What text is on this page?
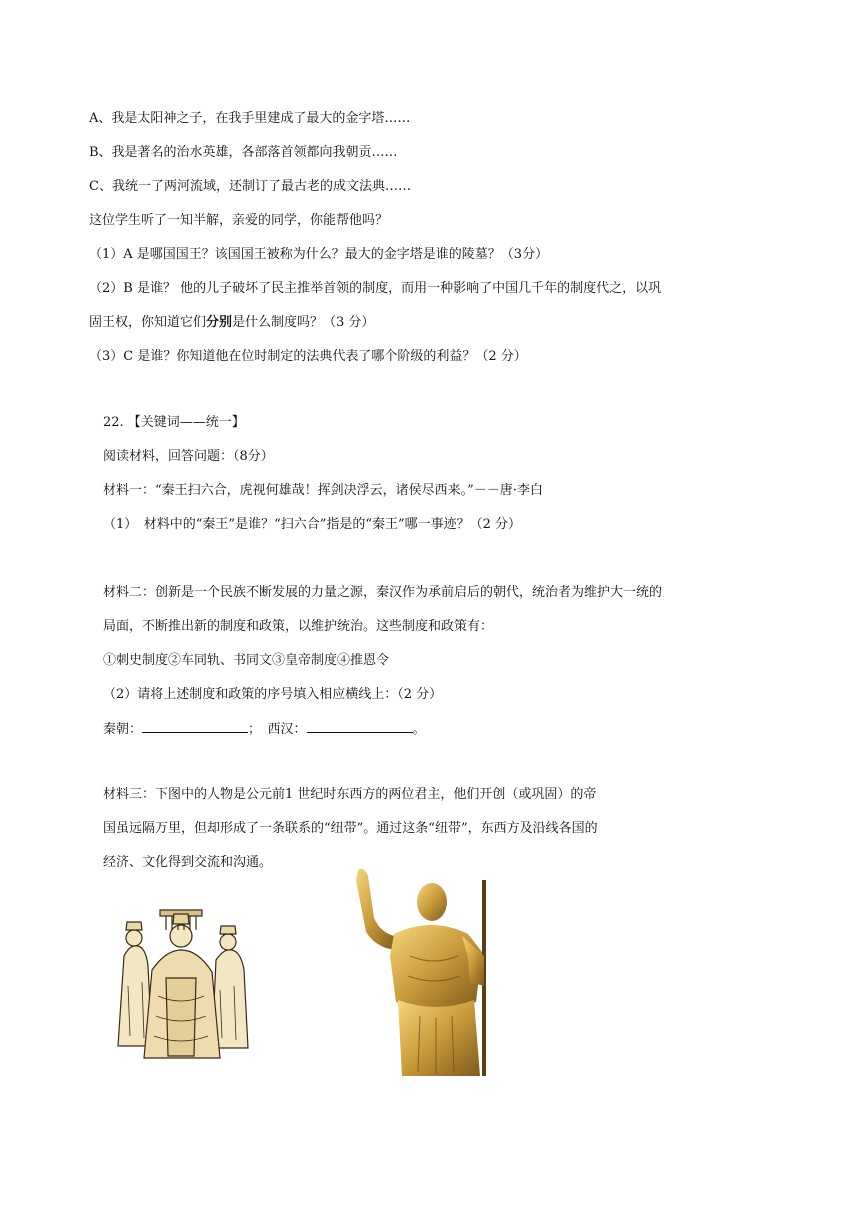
A、我是太阳神之子，在我手里建成了最大的金字塔……
B、我是著名的治水英雄，各部落首领都向我朝贡……
C、我统一了两河流域，还制订了最古老的成文法典……
这位学生听了一知半解，亲爱的同学，你能帮他吗？
（1）A 是哪国国王？该国国王被称为什么？最大的金字塔是谁的陵墓？（3分）
（2）B 是谁？ 他的儿子破坏了民主推举首领的制度，而用一种影响了中国几千年的制度代之，以巩
固王权，你知道它们分别是什么制度吗？（3 分）
（3）C 是谁？你知道他在位时制定的法典代表了哪个阶级的利益？（2 分）
22. 【关键词——统一】
阅读材料，回答问题：（8分）
材料一：“秦王扫六合，虎视何雄哉！挥剑决浮云，诸侯尽西来。”－－唐·李白
（1）　材料中的“秦王”是谁？“扫六合”指是的“秦王”哪一事迹？（2 分）
材料二：创新是一个民族不断发展的力量之源，秦汉作为承前启后的朝代，统治者为维护大一统的
局面，不断推出新的制度和政策，以维护统治。这些制度和政策有：
①刺史制度②车同轨、书同文③皇帝制度④推恩令
（2）请将上述制度和政策的序号填入相应横线上：（2 分）
秦朝：	；　西汉：	。
材料三：下图中的人物是公元前1 世纪时东西方的两位君主，他们开创（或巩固）的帝
国虽远隔万里，但却形成了一条联系的“纽带”。通过这条“纽带”，东西方及沿线各国的
经济、文化得到交流和沟通。
